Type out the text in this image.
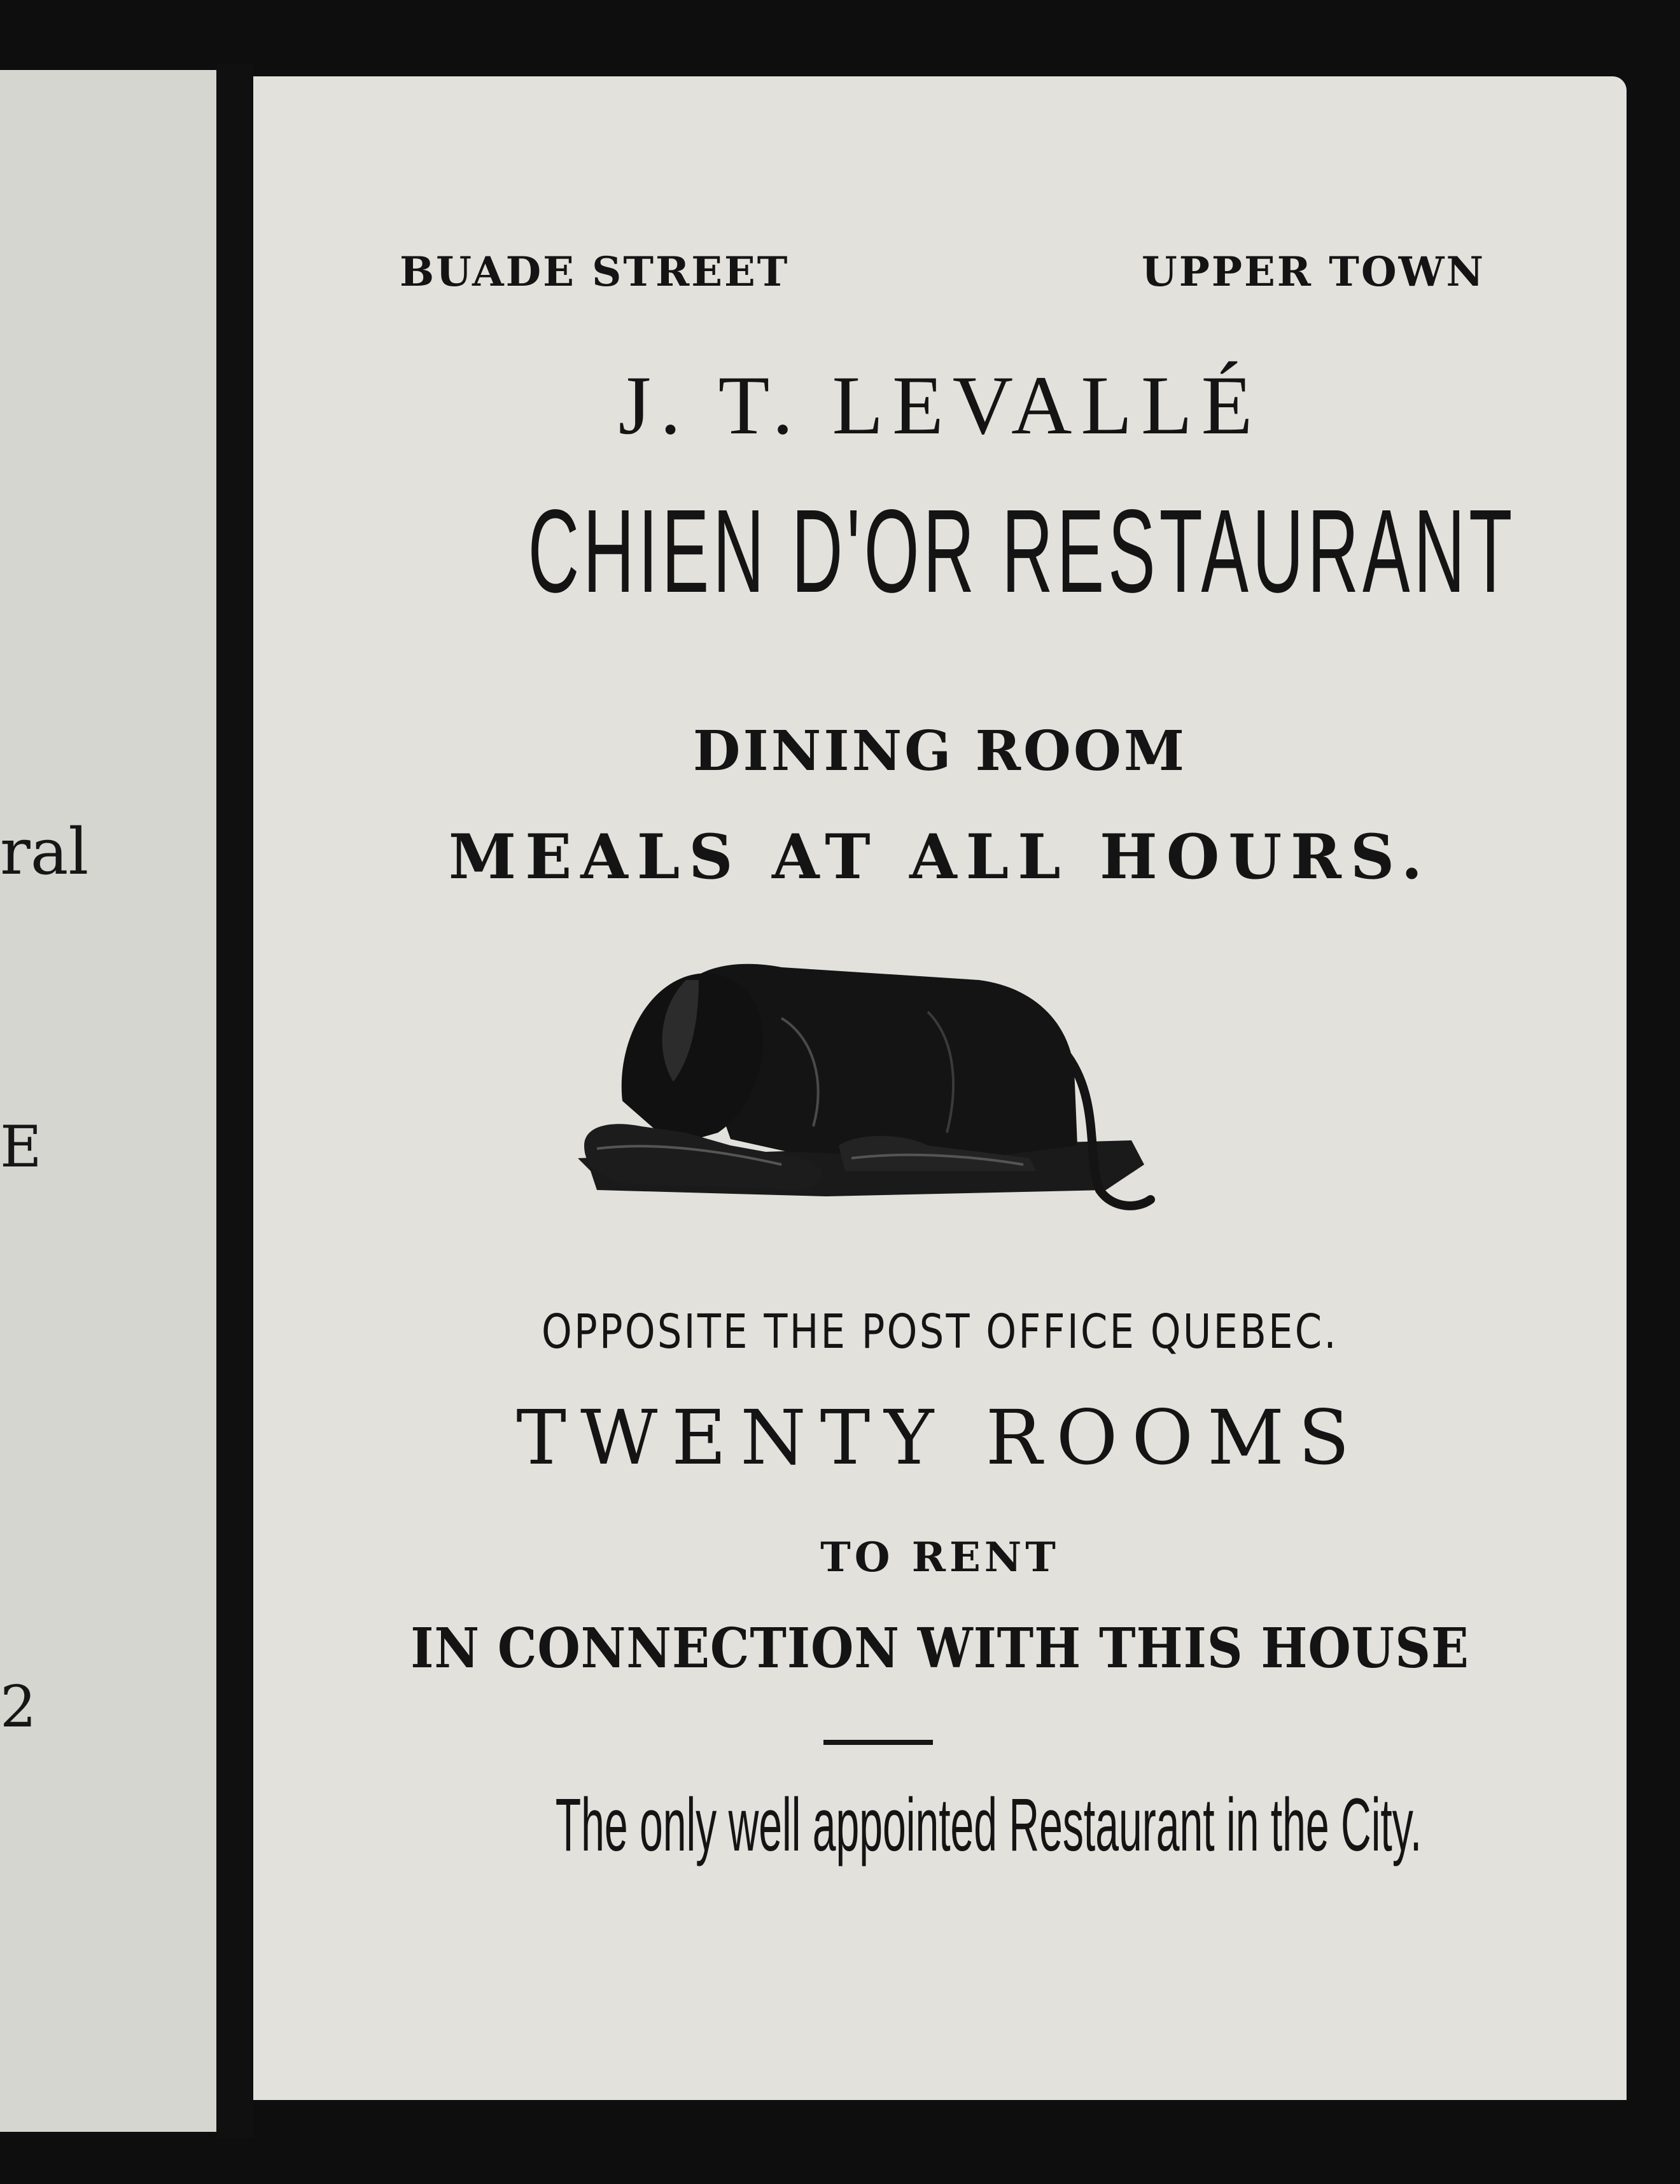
ral

E

2

BUADE STREET	UPPER TOWN

J. T. LEVALLÉ

CHIEN D'OR RESTAURANT

DINING ROOM

MEALS AT ALL HOURS.

OPPOSITE THE POST OFFICE QUEBEC.

TWENTY ROOMS

TO RENT

IN CONNECTION WITH THIS HOUSE

The only well appointed Restaurant in the City.
